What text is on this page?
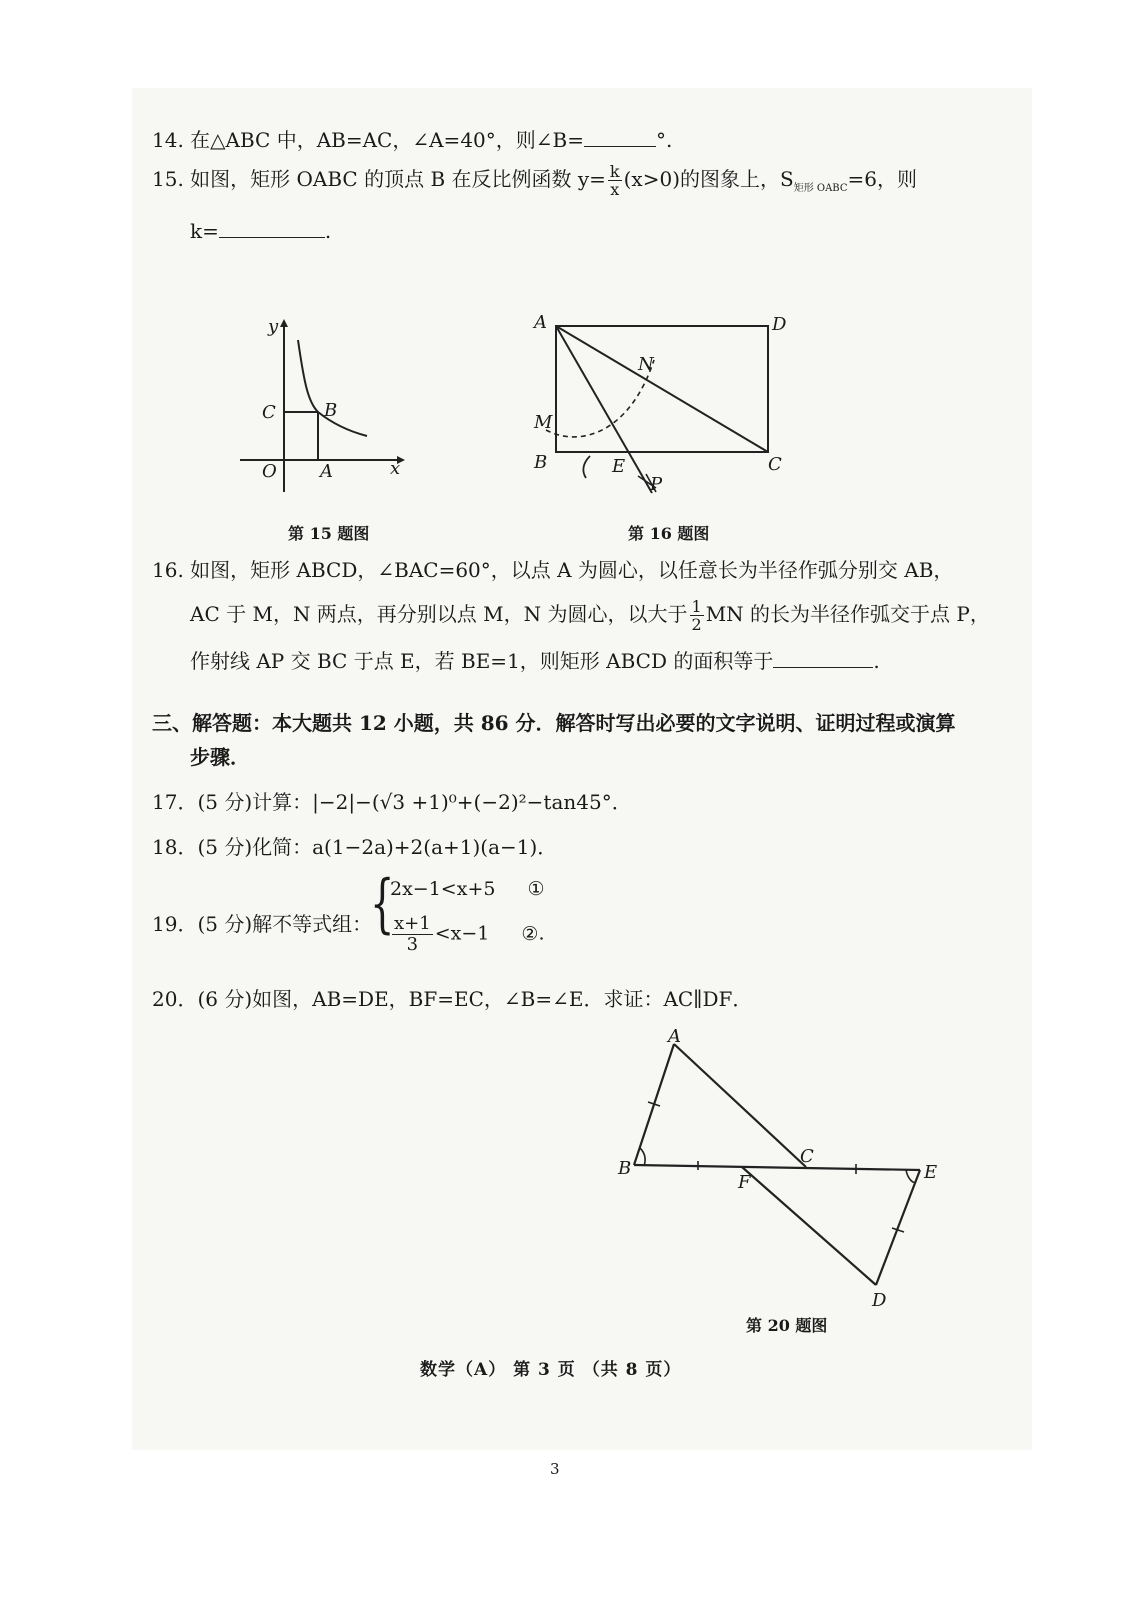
14. 在△ABC 中，AB=AC，∠A=40°，则∠B=	°.
15. 如图，矩形 OABC 的顶点 B 在反比例函数 $y= \frac{k}{x} (x>0)$的图象上，$S_{矩形 OABC}=6$，则
k=	.
y
x
O A
B
C
第 15 题图
A	D
B	C
M
N
E
P
第 16 题图
16. 如图，矩形 ABCD，∠BAC=60°，以点 A 为圆心，以任意长为半径作弧分别交 AB，
AC 于 M，N 两点，再分别以点 M，N 为圆心，以大于 $\frac{1}{2}$ MN 的长为半径作弧交于点 P，
作射线 AP 交 BC 于点 E，若 BE=1，则矩形 ABCD 的面积等于	.
三、解答题：本大题共 12 小题，共 86 分．解答时写出必要的文字说明、证明过程或演算
步骤．
17．(5 分)计算：|−2|−(√3 +1)⁰+(−2)²−tan45°．
18．(5 分)化简：a(1−2a)+2(a+1)(a−1)．
19．(5 分)解不等式组：
{
2x−1<x+5 ①
$\frac{x+1}{3} <x-1$ ②.
20．(6 分)如图，AB=DE，BF=EC，∠B=∠E．求证：AC∥DF．
A
B
C
E
F
D
第 20 题图
数学（A） 第 3 页 （共 8 页）
3
